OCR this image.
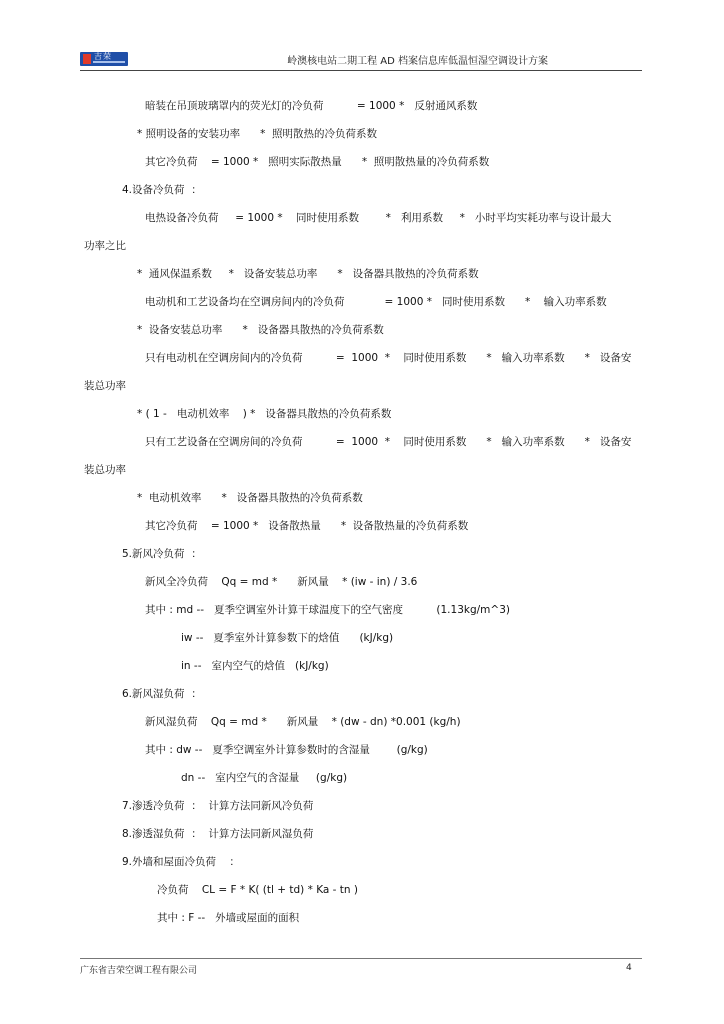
吉荣	岭澳核电站二期工程 AD 档案信息库低温恒湿空调设计方案
暗装在吊顶玻璃罩内的荧光灯的冷负荷          = 1000 *   反射通风系数
* 照明设备的安装功率      *  照明散热的冷负荷系数
其它冷负荷    = 1000 *   照明实际散热量      *  照明散热量的冷负荷系数
4.设备冷负荷  ：
电热设备冷负荷     = 1000 *    同时使用系数        *   利用系数     *   小时平均实耗功率与设计最大
功率之比
*  通风保温系数     *   设备安装总功率      *   设备器具散热的冷负荷系数
电动机和工艺设备均在空调房间内的冷负荷            = 1000 *   同时使用系数      *    输入功率系数
*  设备安装总功率      *   设备器具散热的冷负荷系数
只有电动机在空调房间内的冷负荷          =  1000  *    同时使用系数      *   输入功率系数      *   设备安
装总功率
* ( 1 -   电动机效率    ) *   设备器具散热的冷负荷系数
只有工艺设备在空调房间的冷负荷          =  1000  *    同时使用系数      *   输入功率系数      *   设备安
装总功率
*  电动机效率      *   设备器具散热的冷负荷系数
其它冷负荷    = 1000 *   设备散热量      *  设备散热量的冷负荷系数
5.新风冷负荷  ：
新风全冷负荷    Qq = md *      新风量    * (iw - in) / 3.6
其中 : md --   夏季空调室外计算干球温度下的空气密度          (1.13kg/m^3)
iw --   夏季室外计算参数下的焓值      (kJ/kg)
in --   室内空气的焓值   (kJ/kg)
6.新风湿负荷  ：
新风湿负荷    Qq = md *      新风量    * (dw - dn) *0.001 (kg/h)
其中 : dw --   夏季空调室外计算参数时的含湿量        (g/kg)
dn --   室内空气的含湿量     (g/kg)
7.渗透冷负荷  ：  计算方法同新风冷负荷
8.渗透湿负荷  ：  计算方法同新风湿负荷
9.外墙和屋面冷负荷    ：
冷负荷    CL = F * K( (tl + td) * Ka - tn )
其中 : F --   外墙或屋面的面积
广东省吉荣空调工程有限公司	4
